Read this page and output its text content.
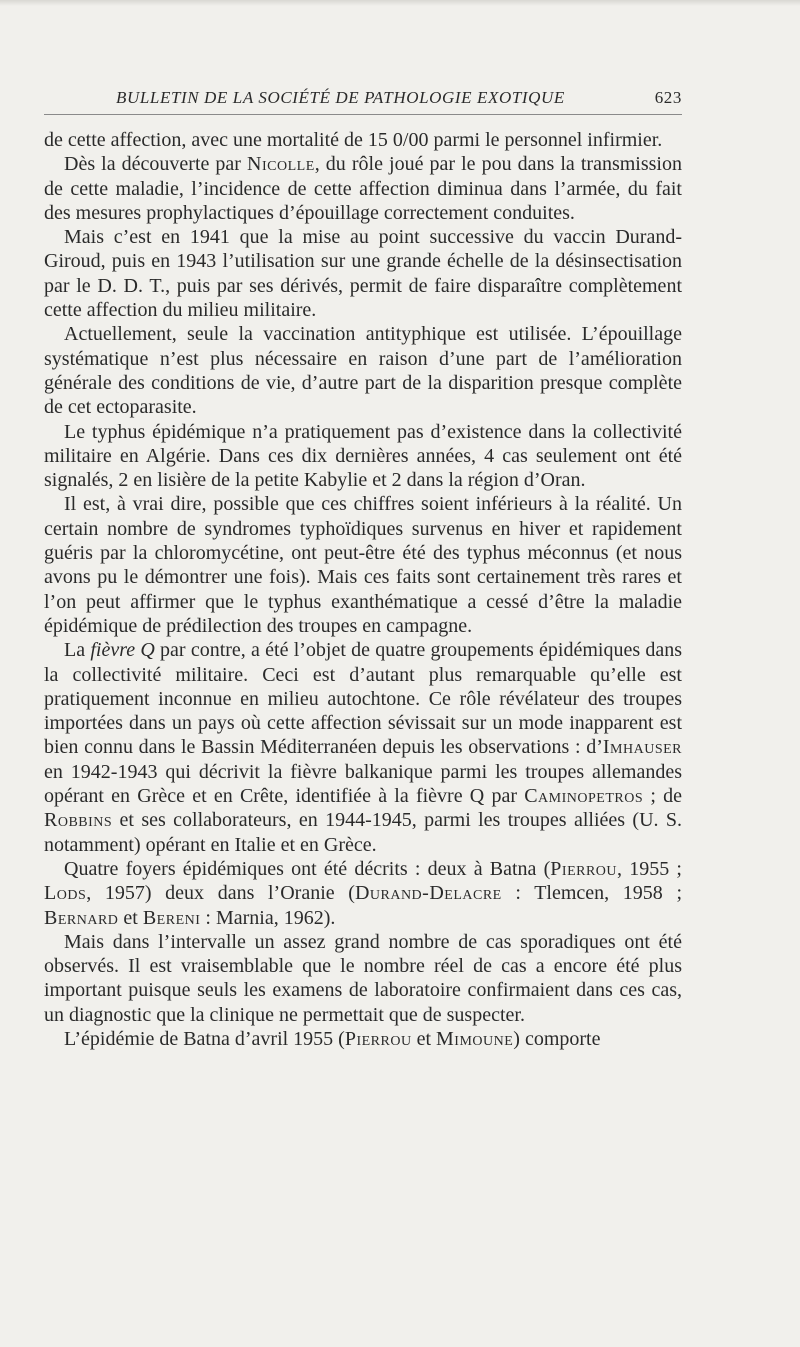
BULLETIN DE LA SOCIÉTÉ DE PATHOLOGIE EXOTIQUE	623

de cette affection, avec une mortalité de 15 0/00 parmi le personnel infirmier.

Dès la découverte par Nicolle, du rôle joué par le pou dans la transmission de cette maladie, l’incidence de cette affection diminua dans l’armée, du fait des mesures prophylactiques d’épouillage correctement conduites.

Mais c’est en 1941 que la mise au point successive du vaccin Durand-Giroud, puis en 1943 l’utilisation sur une grande échelle de la désinsectisation par le D. D. T., puis par ses dérivés, permit de faire disparaître complètement cette affection du milieu militaire.

Actuellement, seule la vaccination antityphique est utilisée. L’épouillage systématique n’est plus nécessaire en raison d’une part de l’amélioration générale des conditions de vie, d’autre part de la disparition presque complète de cet ectoparasite.

Le typhus épidémique n’a pratiquement pas d’existence dans la collectivité militaire en Algérie. Dans ces dix dernières années, 4 cas seulement ont été signalés, 2 en lisière de la petite Kabylie et 2 dans la région d’Oran.

Il est, à vrai dire, possible que ces chiffres soient inférieurs à la réalité. Un certain nombre de syndromes typhoïdiques survenus en hiver et rapidement guéris par la chloromycétine, ont peut-être été des typhus méconnus (et nous avons pu le démontrer une fois). Mais ces faits sont certainement très rares et l’on peut affirmer que le typhus exanthématique a cessé d’être la maladie épidémique de prédilection des troupes en campagne.

La fièvre Q par contre, a été l’objet de quatre groupements épidémiques dans la collectivité militaire. Ceci est d’autant plus remarquable qu’elle est pratiquement inconnue en milieu autochtone. Ce rôle révélateur des troupes importées dans un pays où cette affection sévissait sur un mode inapparent est bien connu dans le Bassin Méditerranéen depuis les observations : d’Imhauser en 1942-1943 qui décrivit la fièvre balkanique parmi les troupes allemandes opérant en Grèce et en Crête, identifiée à la fièvre Q par Caminopetros ; de Robbins et ses collaborateurs, en 1944-1945, parmi les troupes alliées (U. S. notamment) opérant en Italie et en Grèce.

Quatre foyers épidémiques ont été décrits : deux à Batna (Pierrou, 1955 ; Lods, 1957) deux dans l’Oranie (Durand-Delacre : Tlemcen, 1958 ; Bernard et Bereni : Marnia, 1962).

Mais dans l’intervalle un assez grand nombre de cas sporadiques ont été observés. Il est vraisemblable que le nombre réel de cas a encore été plus important puisque seuls les examens de laboratoire confirmaient dans ces cas, un diagnostic que la clinique ne permettait que de suspecter.

L’épidémie de Batna d’avril 1955 (Pierrou et Mimoune) comporte
